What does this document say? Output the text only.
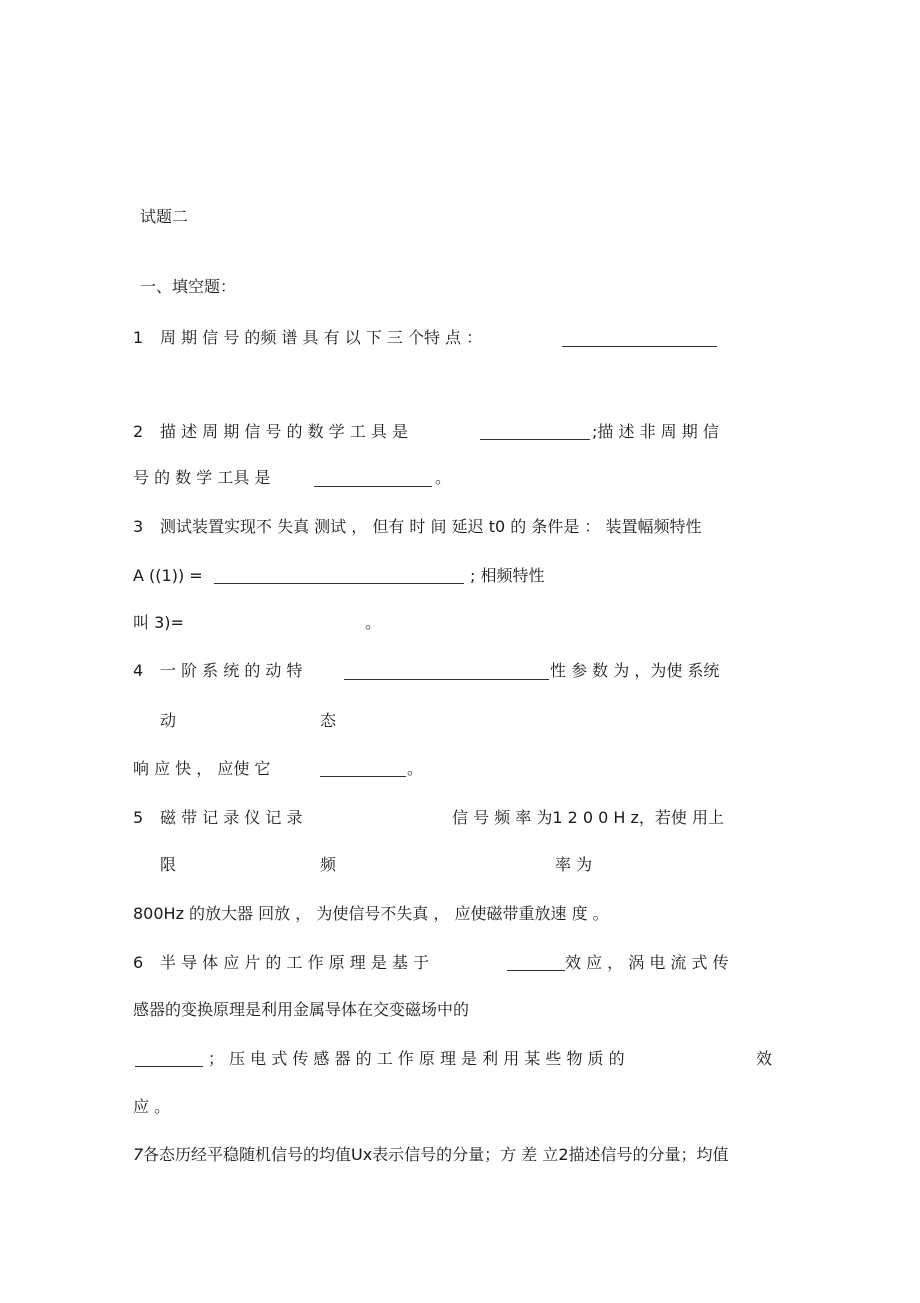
试题二
一、填空题：
1 周 期 信 号 的频 谱 具 有 以 下 三 个特 点 ：
2 描 述 周 期 信 号 的 数 学 工 具 是	;描 述 非 周 期 信
号 的 数 学 工具 是	。
3 测试装置实现不 失真 测试 ， 但有 时 间 延迟 t0 的 条件是 ： 装置幅频特性
A ((1)) =	; 相频特性
叫 3)=	。
4 一 阶 系 统 的 动 特	性 参 数 为 ，为使 系统
动	态
响 应 快 ， 应使 它	。
5 磁 带 记 录 仪 记 录	信 号 频 率 为1 2 0 0 H z，若使 用上
限	频	率 为
800Hz 的放大器 回放 ， 为使信号不失真 ， 应使磁带重放速 度 。
6 半 导 体 应 片 的 工 作 原 理 是 基 于	效 应 ， 涡 电 流 式 传
感器的变换原理是利用金属导体在交变磁场中的
； 压 电 式 传 感 器 的 工 作 原 理 是 利 用 某 些 物 质 的	效
应 。
7 各态历经平稳随机信号的均值Ux表示信号的分量；方 差 立2描述信号的分量；均值
